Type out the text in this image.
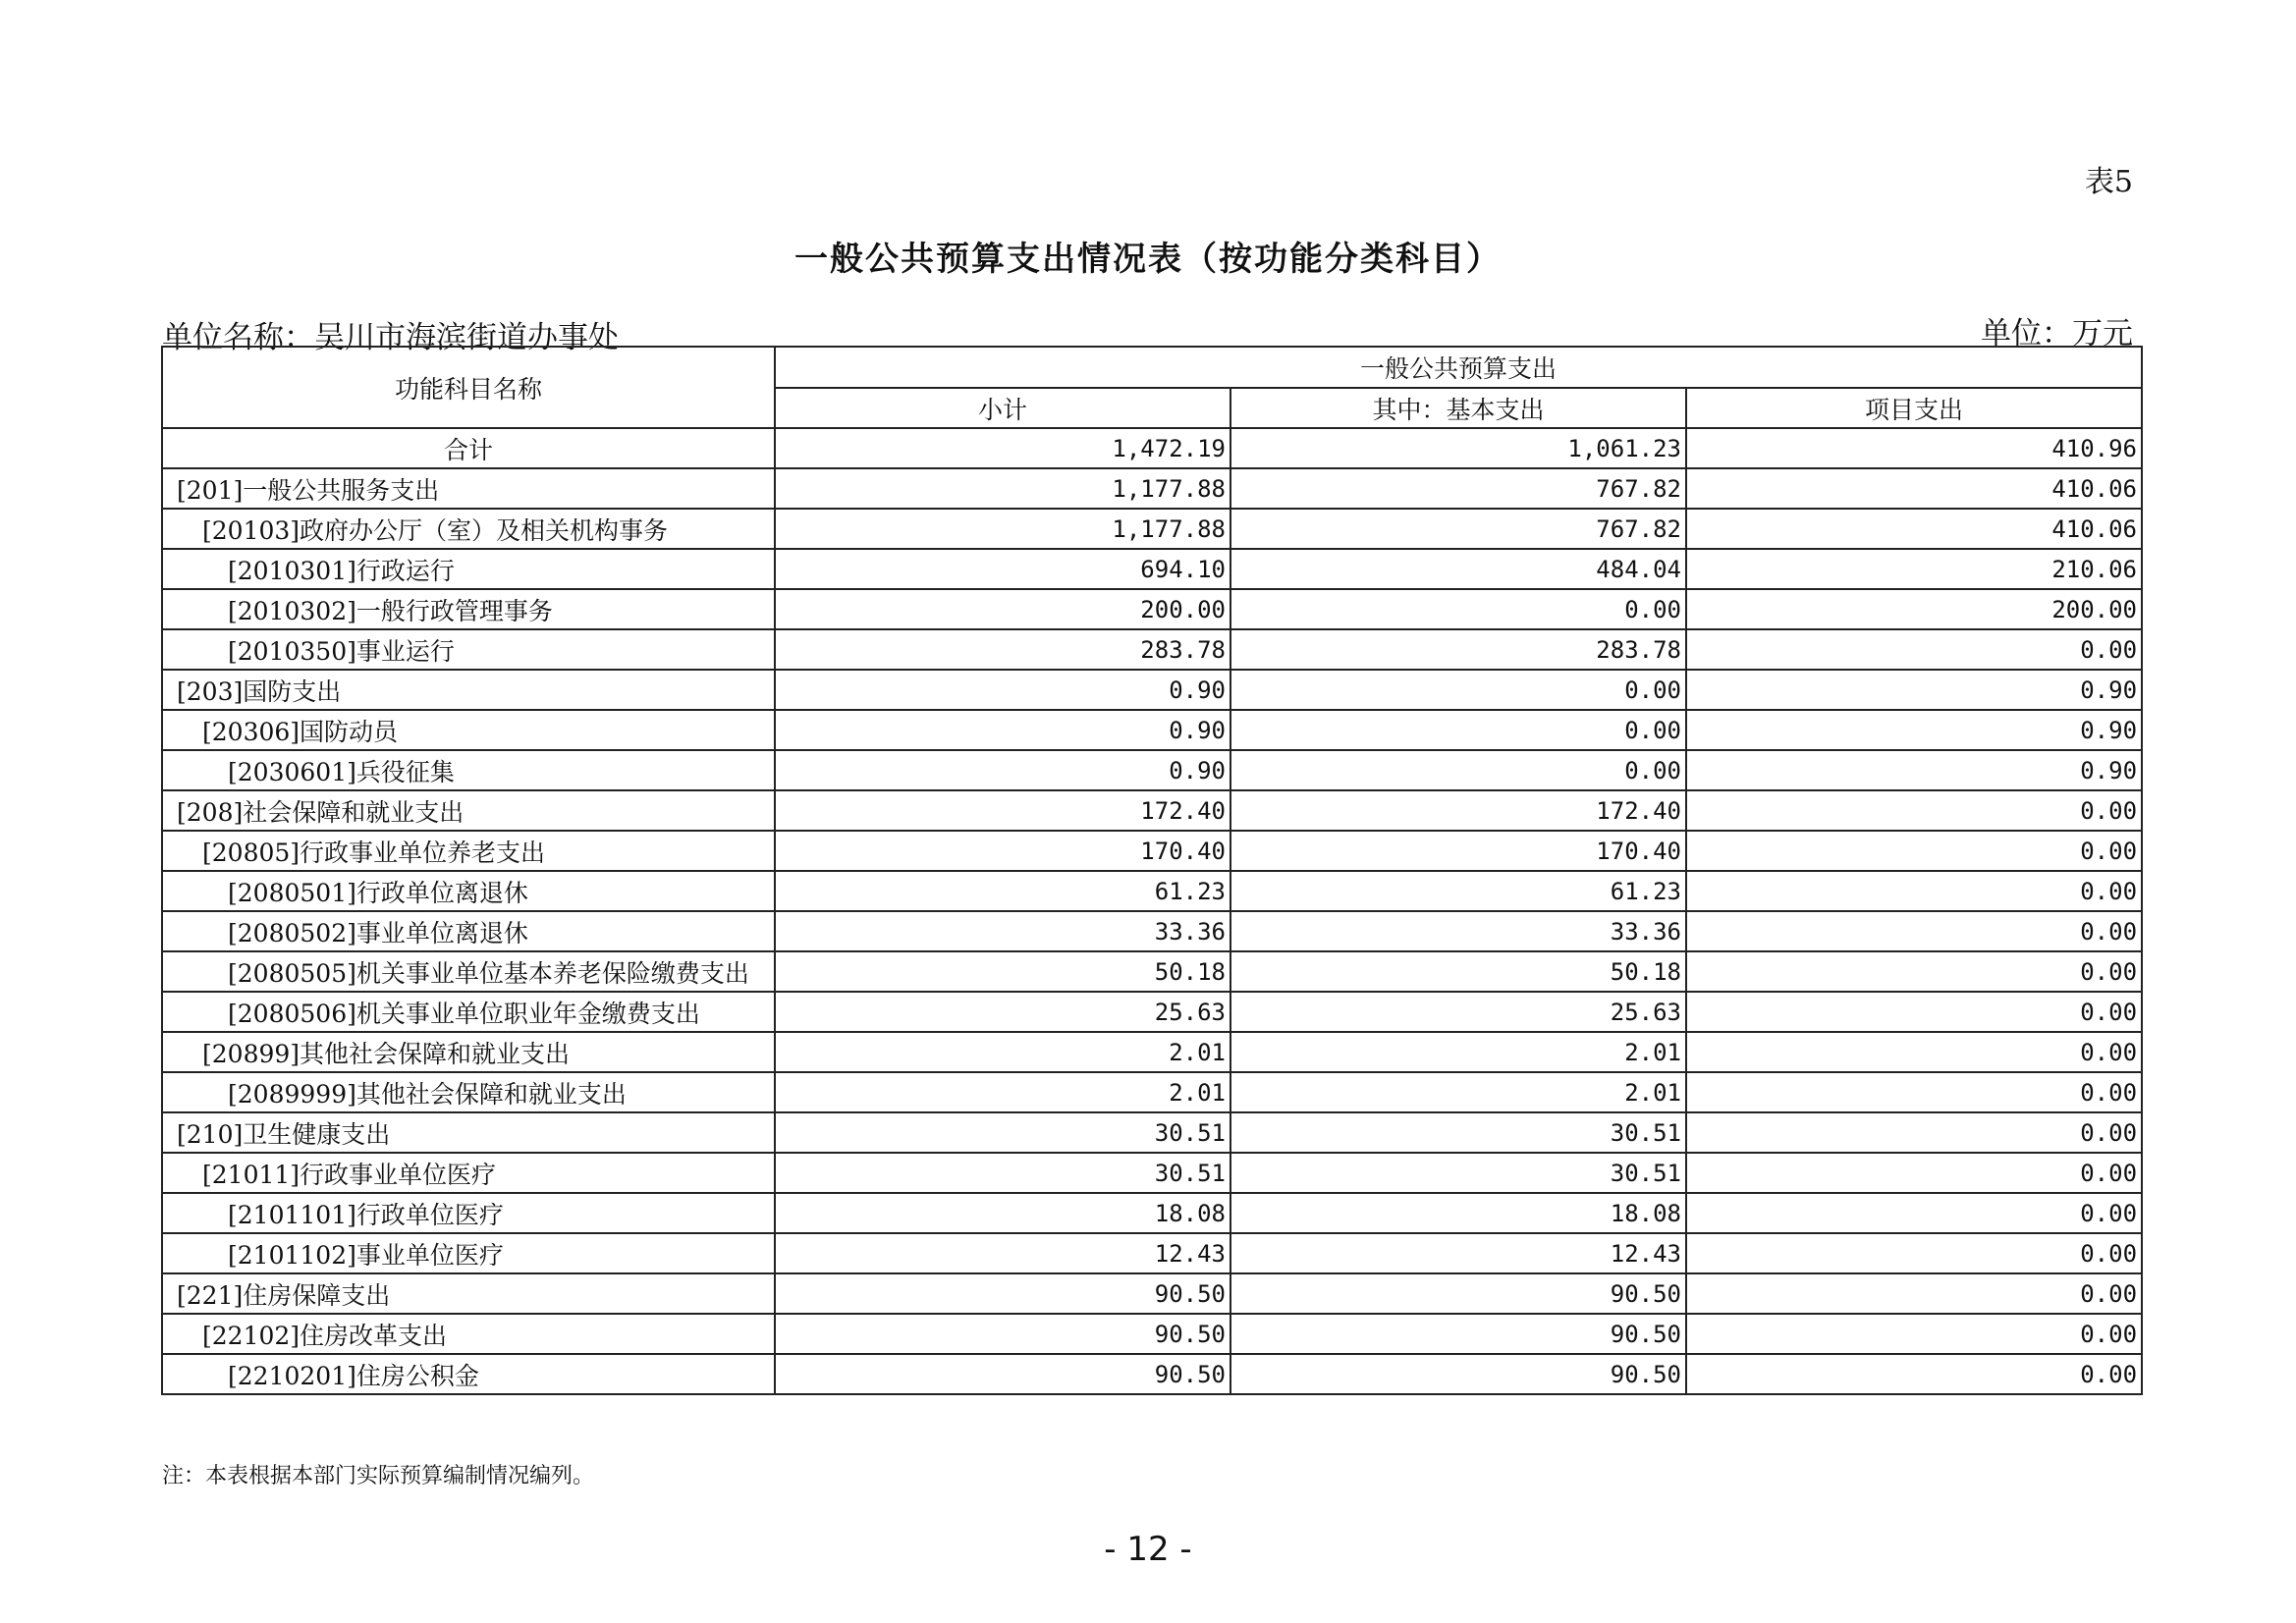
表5
一般公共预算支出情况表（按功能分类科目）
单位名称：吴川市海滨街道办事处	单位：万元
功能科目名称	一般公共预算支出		
	小计	其中：基本支出	项目支出
合计	1,472.19	1,061.23	410.96
[201]一般公共服务支出	1,177.88	767.82	410.06
[20103]政府办公厅（室）及相关机构事务	1,177.88	767.82	410.06
[2010301]行政运行	694.10	484.04	210.06
[2010302]一般行政管理事务	200.00	0.00	200.00
[2010350]事业运行	283.78	283.78	0.00
[203]国防支出	0.90	0.00	0.90
[20306]国防动员	0.90	0.00	0.90
[2030601]兵役征集	0.90	0.00	0.90
[208]社会保障和就业支出	172.40	172.40	0.00
[20805]行政事业单位养老支出	170.40	170.40	0.00
[2080501]行政单位离退休	61.23	61.23	0.00
[2080502]事业单位离退休	33.36	33.36	0.00
[2080505]机关事业单位基本养老保险缴费支出	50.18	50.18	0.00
[2080506]机关事业单位职业年金缴费支出	25.63	25.63	0.00
[20899]其他社会保障和就业支出	2.01	2.01	0.00
[2089999]其他社会保障和就业支出	2.01	2.01	0.00
[210]卫生健康支出	30.51	30.51	0.00
[21011]行政事业单位医疗	30.51	30.51	0.00
[2101101]行政单位医疗	18.08	18.08	0.00
[2101102]事业单位医疗	12.43	12.43	0.00
[221]住房保障支出	90.50	90.50	0.00
[22102]住房改革支出	90.50	90.50	0.00
[2210201]住房公积金	90.50	90.50	0.00
注：本表根据本部门实际预算编制情况编列。
- 12 -
